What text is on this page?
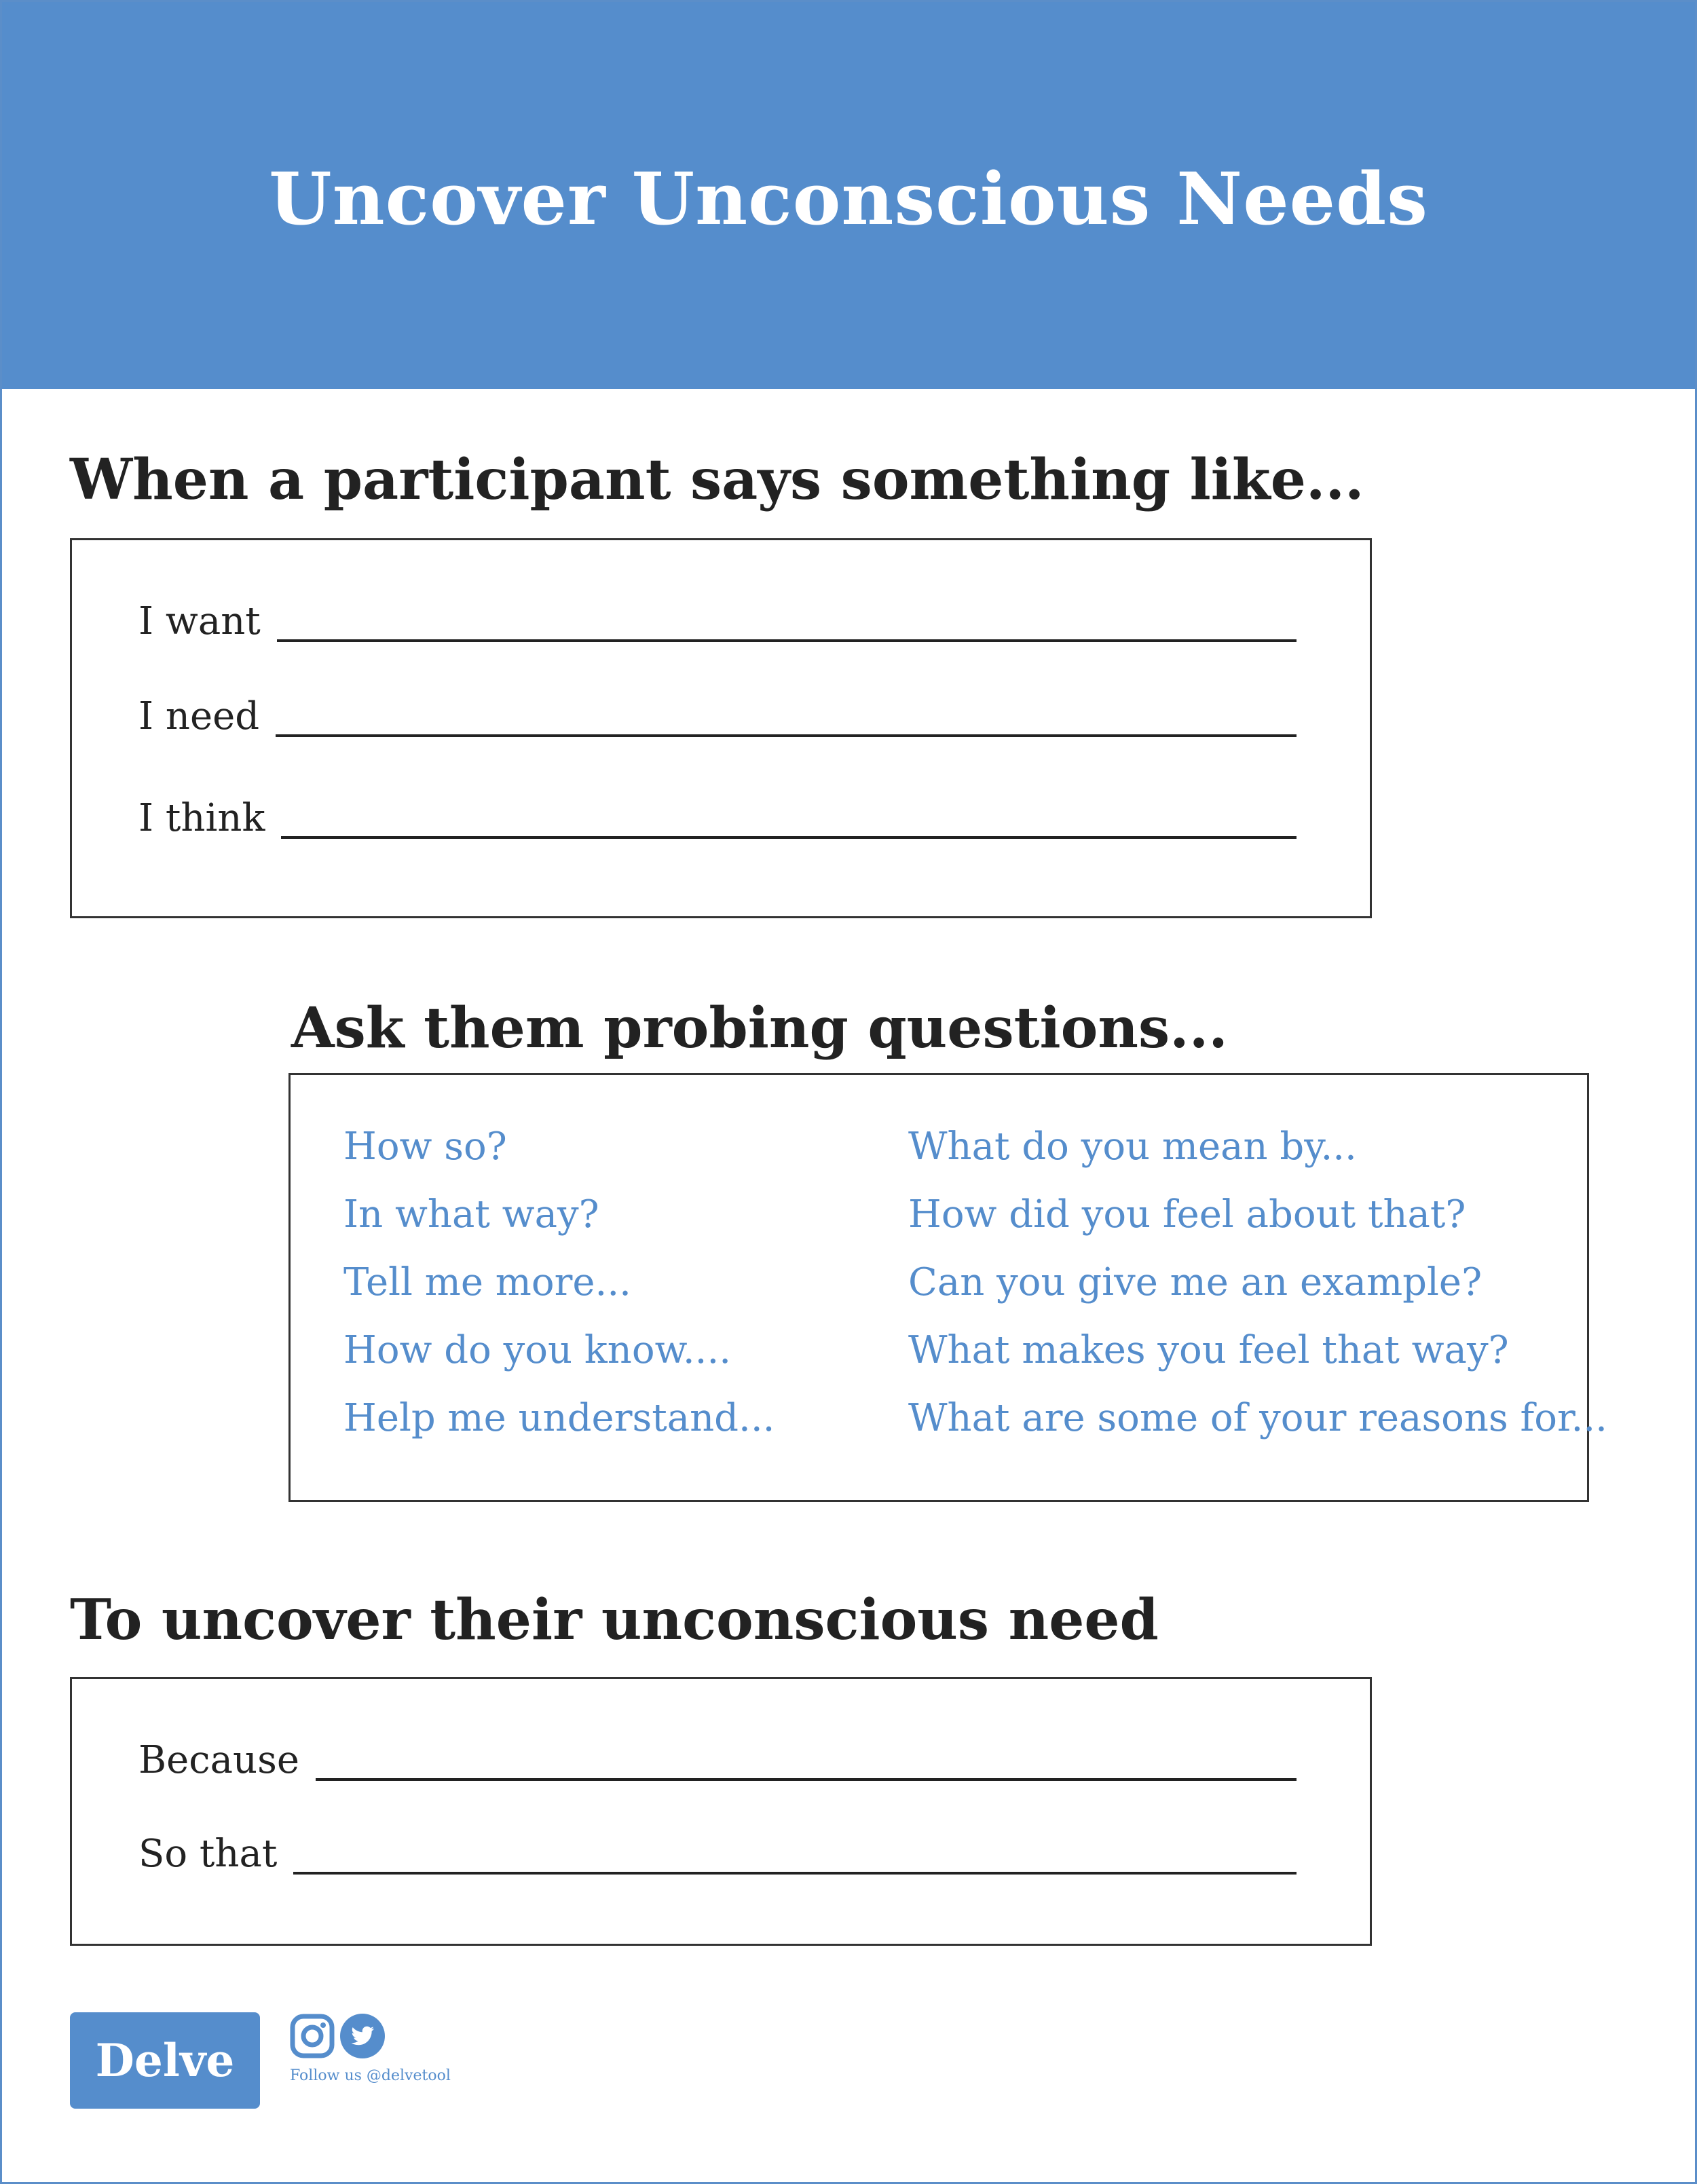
Uncover Unconscious Needs
When a participant says something like...
I want
I need
I think
Ask them probing questions...
How so?
In what way?
Tell me more...
How do you know....
Help me understand...
What do you mean by...
How did you feel about that?
Can you give me an example?
What makes you feel that way?
What are some of your reasons for...
To uncover their unconscious need
Because
So that
Delve	Follow us @delvetool
